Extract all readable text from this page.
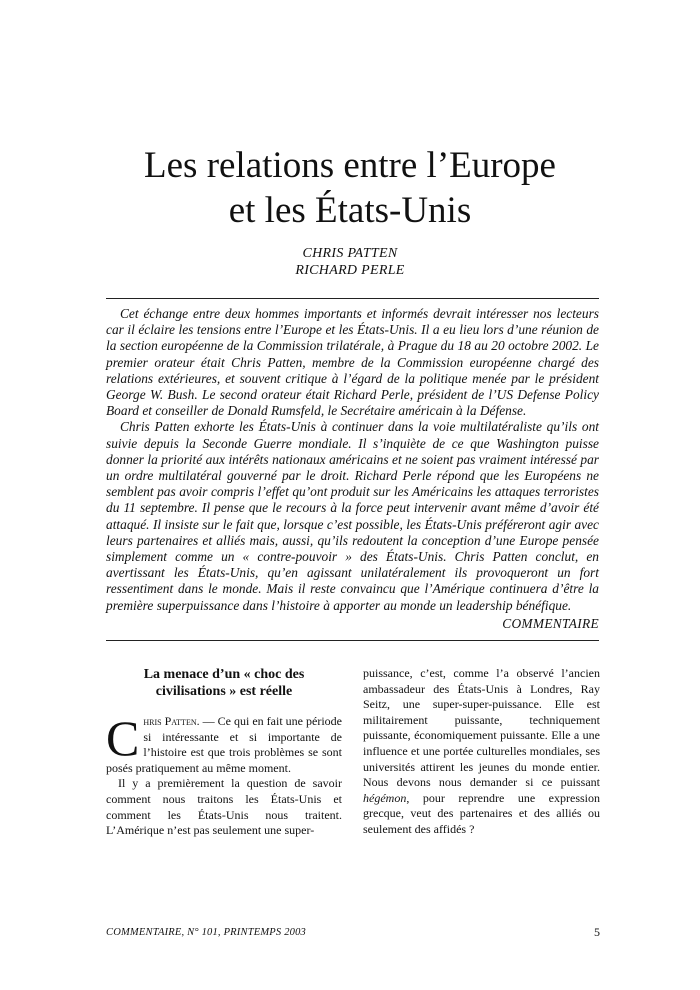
Les relations entre l’Europe
et les États-Unis
CHRIS PATTEN
RICHARD PERLE

Cet échange entre deux hommes importants et informés devrait intéresser nos lecteurs car il éclaire les tensions entre l’Europe et les États-Unis. Il a eu lieu lors d’une réunion de la section européenne de la Commission trilatérale, à Prague du 18 au 20 octobre 2002. Le premier orateur était Chris Patten, membre de la Commission européenne chargé des relations extérieures, et souvent critique à l’égard de la politique menée par le président George W. Bush. Le second orateur était Richard Perle, président de l’US Defense Policy Board et conseiller de Donald Rumsfeld, le Secrétaire américain à la Défense.

Chris Patten exhorte les États-Unis à continuer dans la voie multilatéraliste qu’ils ont suivie depuis la Seconde Guerre mondiale. Il s’inquiète de ce que Washington puisse donner la priorité aux intérêts nationaux américains et ne soient pas vraiment intéressé par un ordre multilatéral gouverné par le droit. Richard Perle répond que les Européens ne semblent pas avoir compris l’effet qu’ont produit sur les Américains les attaques terroristes du 11 septembre. Il pense que le recours à la force peut intervenir avant même d’avoir été attaqué. Il insiste sur le fait que, lorsque c’est possible, les États-Unis préféreront agir avec leurs partenaires et alliés mais, aussi, qu’ils redoutent la conception d’une Europe pensée simplement comme un « contre-pouvoir » des États-Unis. Chris Patten conclut, en avertissant les États-Unis, qu’en agissant unilatéralement ils provoqueront un fort ressentiment dans le monde. Mais il reste convaincu que l’Amérique continuera d’être la première superpuissance dans l’histoire à apporter au monde un leadership bénéfique.

COMMENTAIRE

La menace d’un « choc des
civilisations » est réelle

Chris Patten. — Ce qui en fait une période si intéressante et si importante de l’histoire est que trois problèmes se sont posés pratiquement au même moment.

Il y a premièrement la question de savoir comment nous traitons les États-Unis et comment les États-Unis nous traitent. L’Amérique n’est pas seulement une super-

puissance, c’est, comme l’a observé l’ancien ambassadeur des États-Unis à Londres, Ray Seitz, une super-super-puissance. Elle est militairement puissante, techniquement puissante, économiquement puissante. Elle a une influence et une portée culturelles mondiales, ses universités attirent les jeunes du monde entier. Nous devons nous demander si ce puissant hégémon, pour reprendre une expression grecque, veut des partenaires et des alliés ou seulement des affidés ?

COMMENTAIRE, N° 101, PRINTEMPS 2003	5
